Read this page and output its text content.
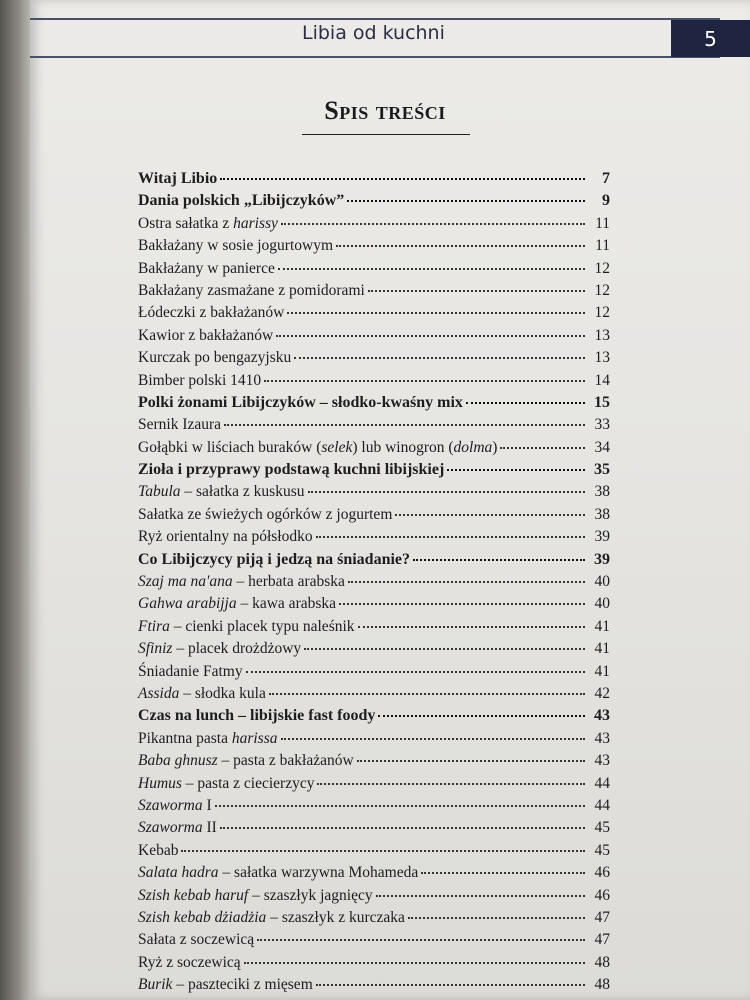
Libia od kuchni	5
Spis treści
Witaj Libio	7
Dania polskich „Libijczyków”	9
Ostra sałatka z harissy	11
Bakłażany w sosie jogurtowym	11
Bakłażany w panierce	12
Bakłażany zasmażane z pomidorami	12
Łódeczki z bakłażanów	12
Kawior z bakłażanów	13
Kurczak po bengazyjsku	13
Bimber polski 1410	14
Polki żonami Libijczyków – słodko-kwaśny mix	15
Sernik Izaura	33
Gołąbki w liściach buraków (selek) lub winogron (dolma)	34
Zioła i przyprawy podstawą kuchni libijskiej	35
Tabula – sałatka z kuskusu	38
Sałatka ze świeżych ogórków z jogurtem	38
Ryż orientalny na półsłodko	39
Co Libijczycy piją i jedzą na śniadanie?	39
Szaj ma na'ana – herbata arabska	40
Gahwa arabijja – kawa arabska	40
Ftira – cienki placek typu naleśnik	41
Sfiniz – placek drożdżowy	41
Śniadanie Fatmy	41
Assida – słodka kula	42
Czas na lunch – libijskie fast foody	43
Pikantna pasta harissa	43
Baba ghnusz – pasta z bakłażanów	43
Humus – pasta z ciecierzycy	44
Szaworma I	44
Szaworma II	45
Kebab	45
Salata hadra – sałatka warzywna Mohameda	46
Szish kebab haruf – szaszłyk jagnięcy	46
Szish kebab dżiadżia – szaszłyk z kurczaka	47
Sałata z soczewicą	47
Ryż z soczewicą	48
Burik – paszteciki z mięsem	48
